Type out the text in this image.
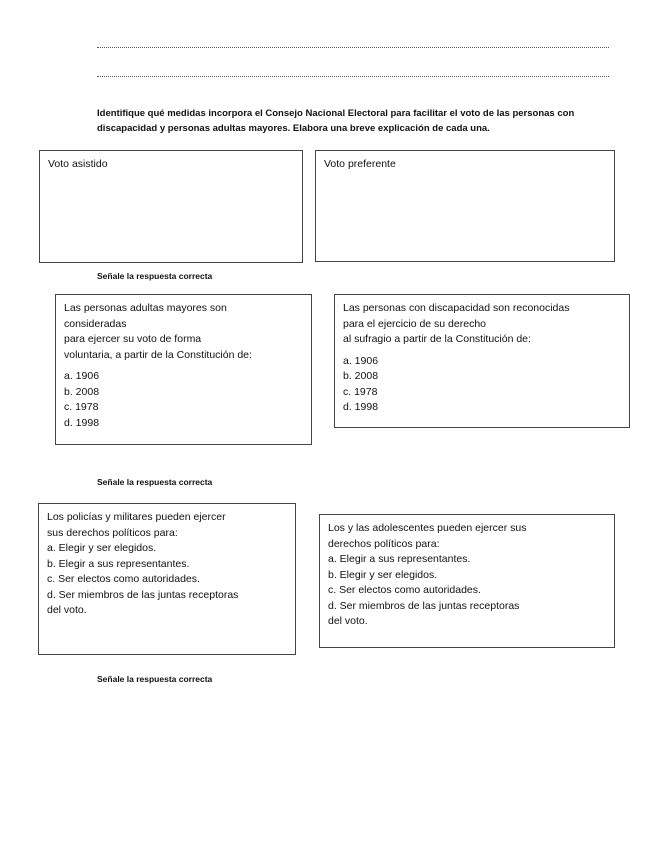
Identifique qué medidas incorpora el Consejo Nacional Electoral para facilitar el voto de las personas con discapacidad y personas adultas mayores. Elabora una breve explicación de cada una.
Voto asistido	Voto preferente
Señale la respuesta correcta
Las personas adultas mayores son
consideradas
para ejercer su voto de forma
voluntaria, a partir de la Constitución de:
a. 1906
b. 2008
c. 1978
d. 1998
Las personas con discapacidad son reconocidas
para el ejercicio de su derecho
al sufragio a partir de la Constitución de:
a. 1906
b. 2008
c. 1978
d. 1998
Señale la respuesta correcta
Los policías y militares pueden ejercer
sus derechos políticos para:
a. Elegir y ser elegidos.
b. Elegir a sus representantes.
c. Ser electos como autoridades.
d. Ser miembros de las juntas receptoras
del voto.
Los y las adolescentes pueden ejercer sus
derechos políticos para:
a. Elegir a sus representantes.
b. Elegir y ser elegidos.
c. Ser electos como autoridades.
d. Ser miembros de las juntas receptoras
del voto.
Señale la respuesta correcta
